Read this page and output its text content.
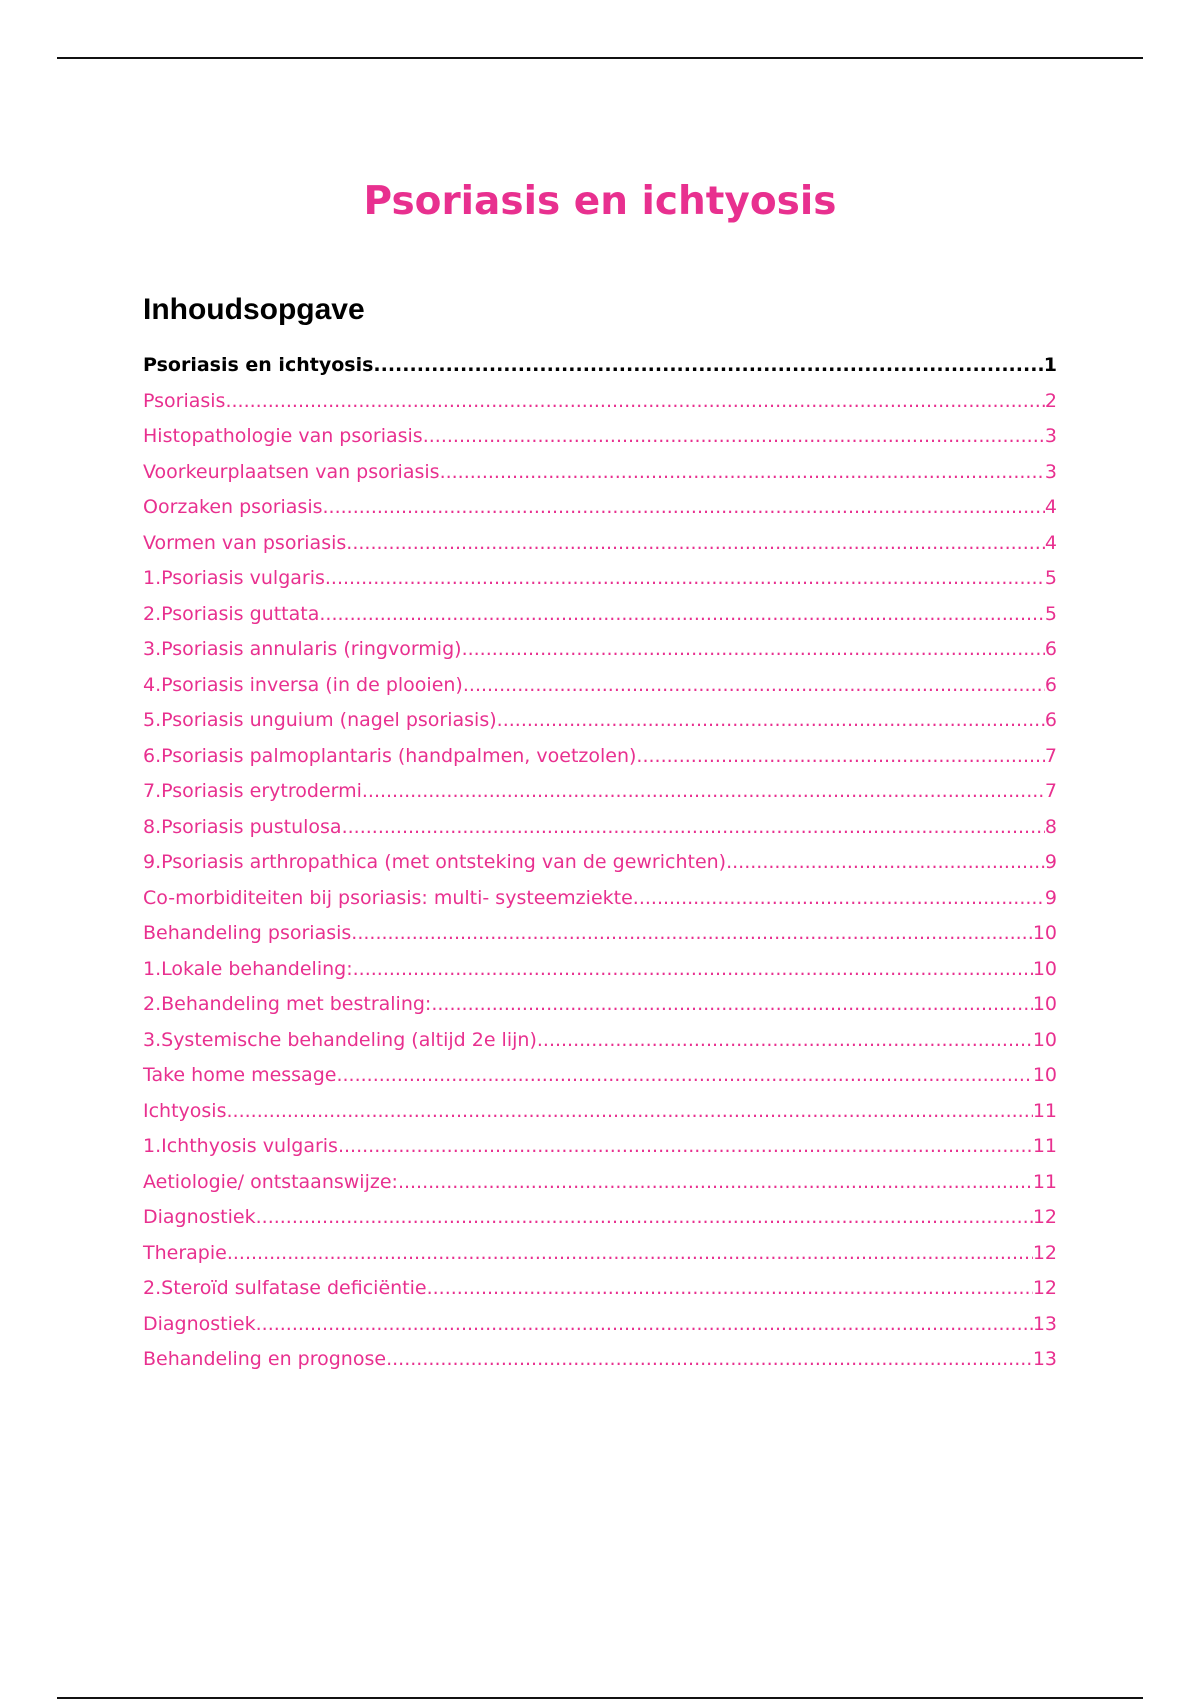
Psoriasis en ichtyosis
Inhoudsopgave
Psoriasis en ichtyosis .....	1
Psoriasis .....	2
Histopathologie van psoriasis .....	3
Voorkeurplaatsen van psoriasis .....	3
Oorzaken psoriasis .....	4
Vormen van psoriasis .....	4
1.Psoriasis vulgaris .....	5
2.Psoriasis guttata .....	5
3.Psoriasis annularis (ringvormig) .....	6
4.Psoriasis inversa (in de plooien) .....	6
5.Psoriasis unguium (nagel psoriasis) .....	6
6.Psoriasis palmoplantaris (handpalmen, voetzolen) .....	7
7.Psoriasis erytrodermi .....	7
8.Psoriasis pustulosa .....	8
9.Psoriasis arthropathica (met ontsteking van de gewrichten) .....	9
Co-morbiditeiten bij psoriasis: multi- systeemziekte .....	9
Behandeling psoriasis .....	10
1.Lokale behandeling: .....	10
2.Behandeling met bestraling: .....	10
3.Systemische behandeling (altijd 2e lijn) .....	10
Take home message .....	10
Ichtyosis .....	11
1.Ichthyosis vulgaris .....	11
Aetiologie/ ontstaanswijze: .....	11
Diagnostiek .....	12
Therapie .....	12
2.Steroïd sulfatase deficiëntie .....	12
Diagnostiek .....	13
Behandeling en prognose .....	13
